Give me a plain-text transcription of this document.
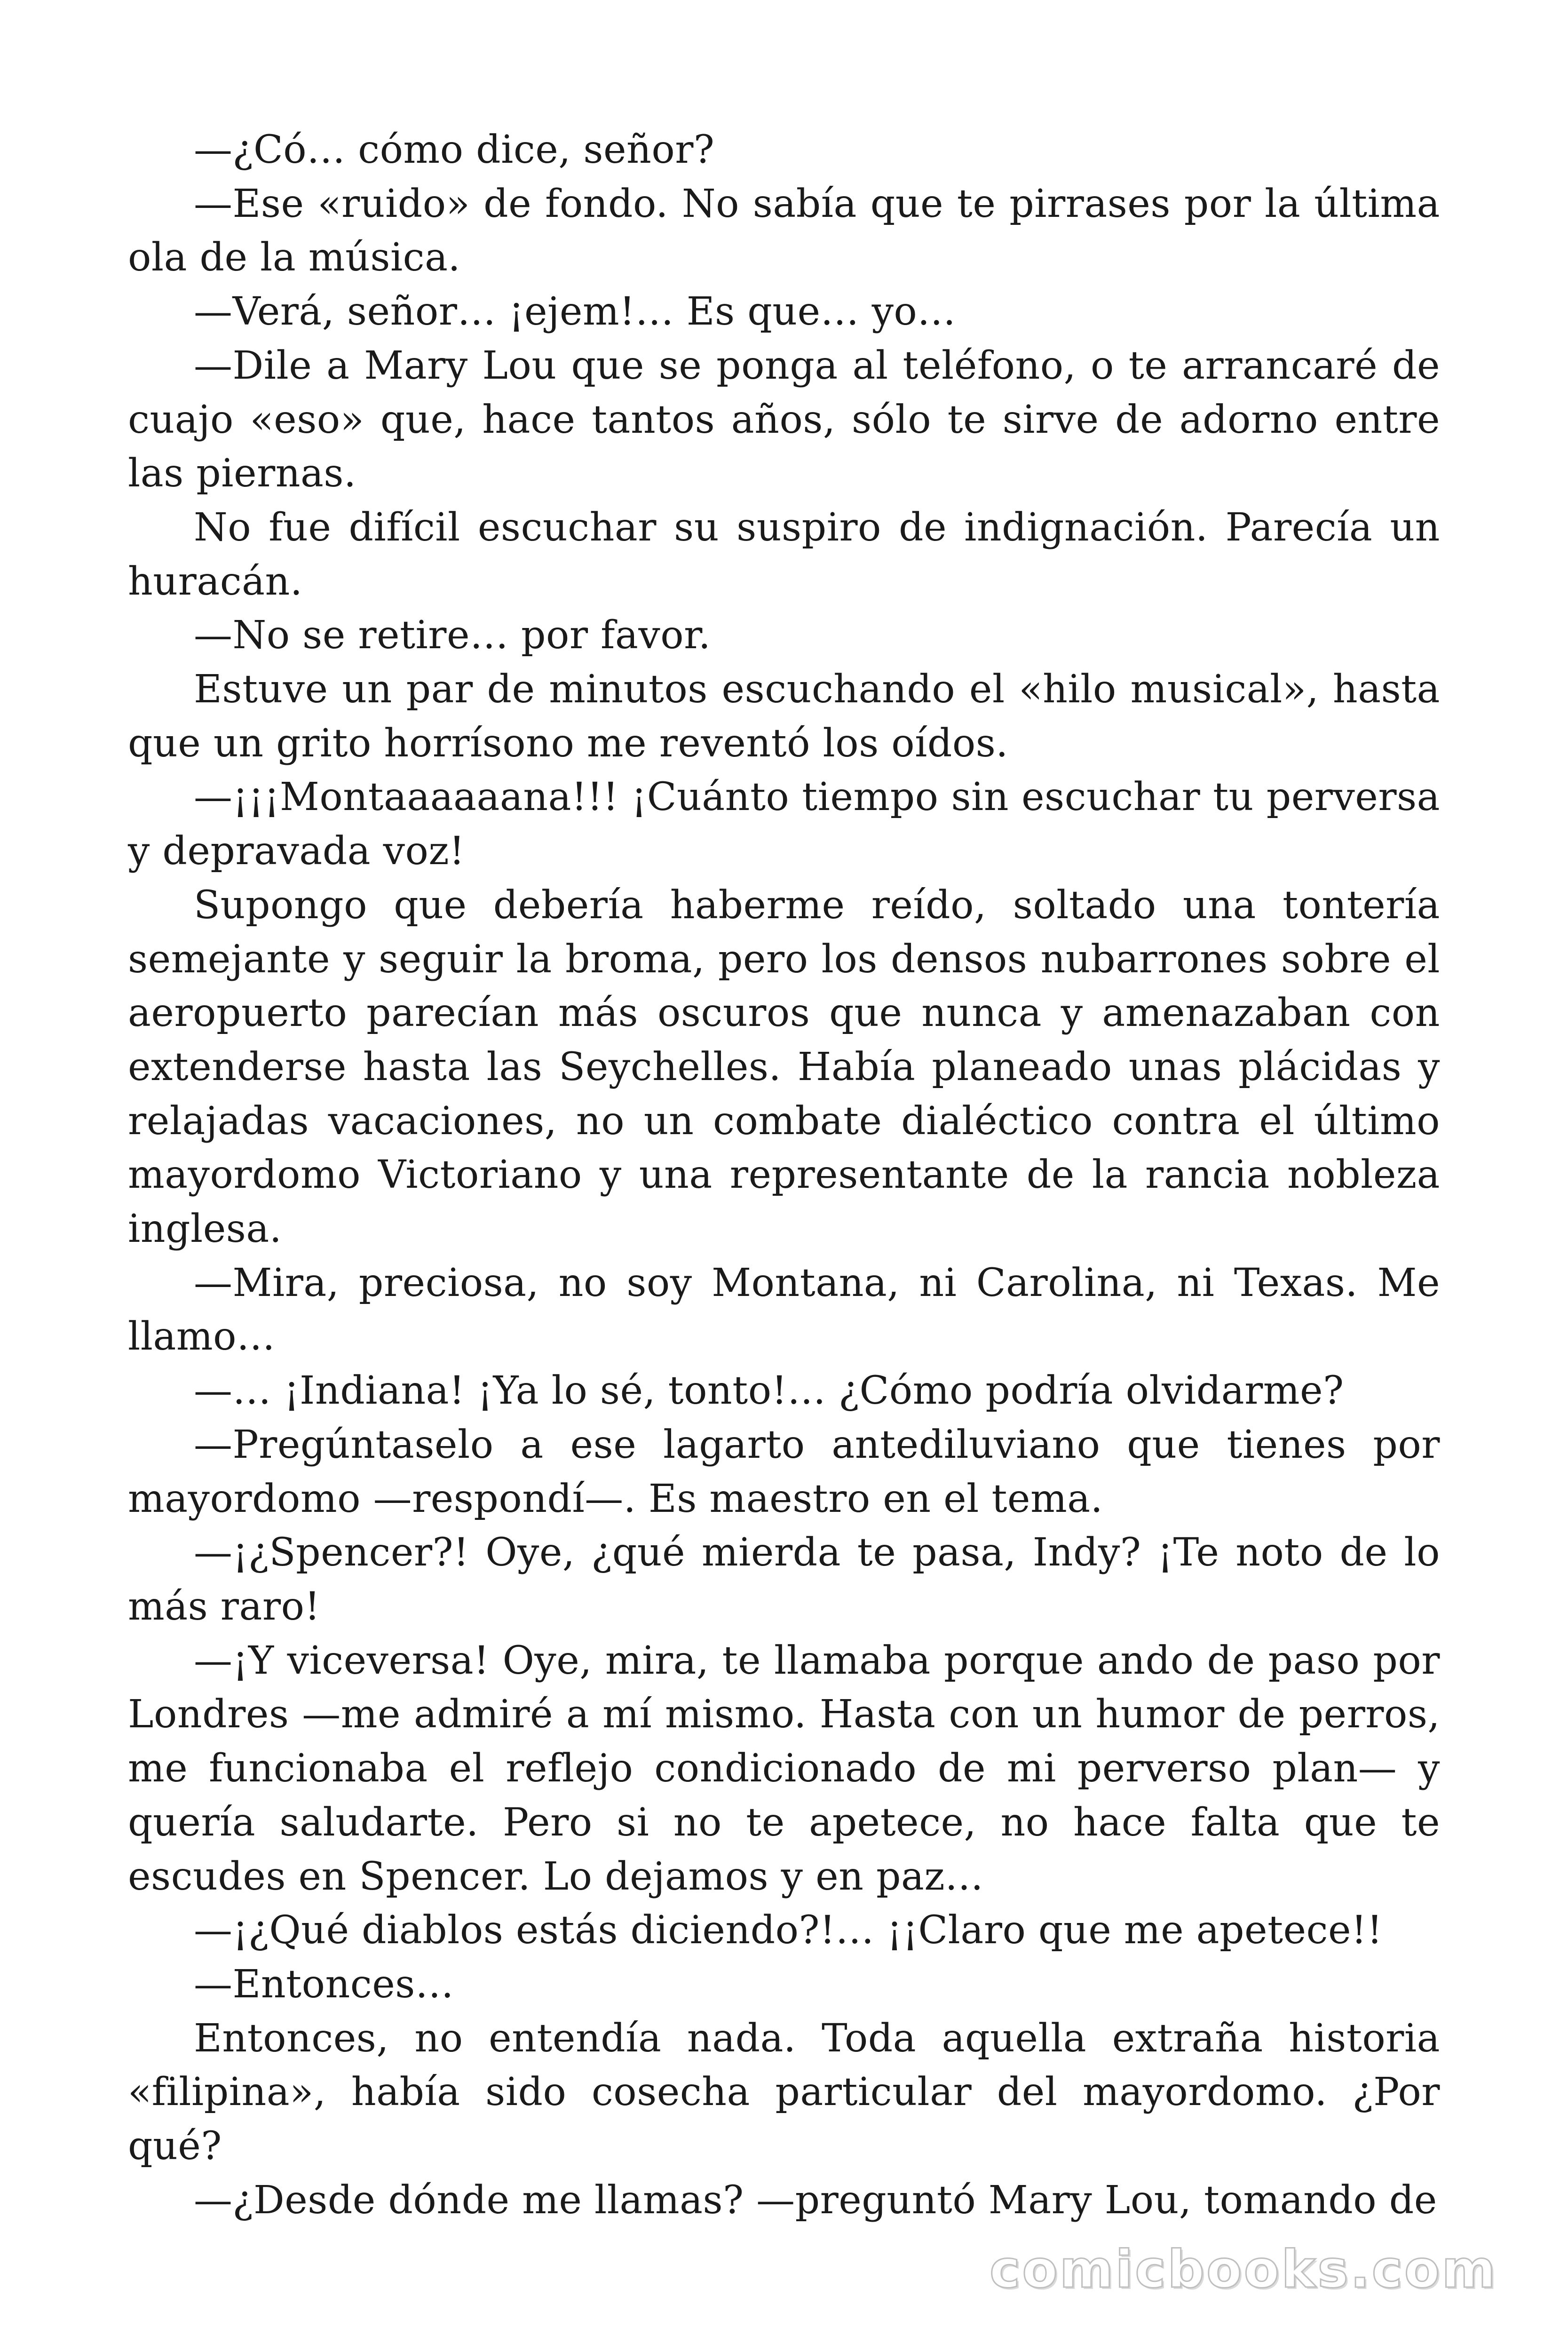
—¿Có… cómo dice, señor?

—Ese «ruido» de fondo. No sabía que te pirrases por la última ola de la música.

—Verá, señor… ¡ejem!… Es que… yo…

—Dile a Mary Lou que se ponga al teléfono, o te arrancaré de cuajo «eso» que, hace tantos años, sólo te sirve de adorno entre las piernas.

No fue difícil escuchar su suspiro de indignación. Parecía un huracán.

—No se retire… por favor.

Estuve un par de minutos escuchando el «hilo musical», hasta que un grito horrísono me reventó los oídos.

—¡¡¡Montaaaaaana!!! ¡Cuánto tiempo sin escuchar tu perversa y depravada voz!

Supongo que debería haberme reído, soltado una tontería semejante y seguir la broma, pero los densos nubarrones sobre el aeropuerto parecían más oscuros que nunca y amenazaban con extenderse hasta las Seychelles. Había planeado unas plácidas y relajadas vacaciones, no un combate dialéctico contra el último mayordomo Victoriano y una representante de la rancia nobleza inglesa.

—Mira, preciosa, no soy Montana, ni Carolina, ni Texas. Me llamo…

—… ¡Indiana! ¡Ya lo sé, tonto!… ¿Cómo podría olvidarme?

—Pregúntaselo a ese lagarto antediluviano que tienes por mayordomo —respondí—. Es maestro en el tema.

—¡¿Spencer?! Oye, ¿qué mierda te pasa, Indy? ¡Te noto de lo más raro!

—¡Y viceversa! Oye, mira, te llamaba porque ando de paso por Londres —me admiré a mí mismo. Hasta con un humor de perros, me funcionaba el reflejo condicionado de mi perverso plan— y quería saludarte. Pero si no te apetece, no hace falta que te escudes en Spencer. Lo dejamos y en paz…

—¡¿Qué diablos estás diciendo?!… ¡¡Claro que me apetece!!

—Entonces…

Entonces, no entendía nada. Toda aquella extraña historia «filipina», había sido cosecha particular del mayordomo. ¿Por qué?

—¿Desde dónde me llamas? —preguntó Mary Lou, tomando de

comicbooks.com
